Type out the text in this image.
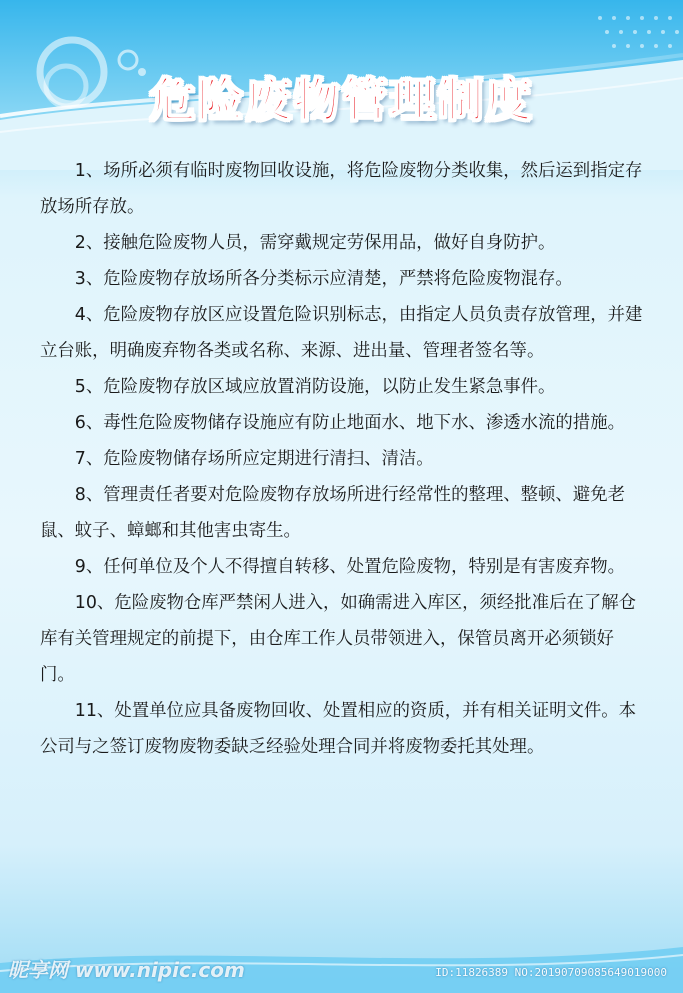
危险废物管理制度
1、场所必须有临时废物回收设施，将危险废物分类收集，然后运到指定存放场所存放。
2、接触危险废物人员，需穿戴规定劳保用品，做好自身防护。
3、危险废物存放场所各分类标示应清楚，严禁将危险废物混存。
4、危险废物存放区应设置危险识别标志，由指定人员负责存放管理，并建立台账，明确废弃物各类或名称、来源、进出量、管理者签名等。
5、危险废物存放区域应放置消防设施，以防止发生紧急事件。
6、毒性危险废物储存设施应有防止地面水、地下水、渗透水流的措施。
7、危险废物储存场所应定期进行清扫、清洁。
8、管理责任者要对危险废物存放场所进行经常性的整理、整顿、避免老鼠、蚊子、蟑螂和其他害虫寄生。
9、任何单位及个人不得擅自转移、处置危险废物，特别是有害废弃物。
10、危险废物仓库严禁闲人进入，如确需进入库区，须经批准后在了解仓库有关管理规定的前提下，由仓库工作人员带领进入，保管员离开必须锁好门。
11、处置单位应具备废物回收、处置相应的资质，并有相关证明文件。本公司与之签订废物废物委缺乏经验处理合同并将废物委托其处理。
昵享网 www.nipic.com	ID:11826389 NO:20190709085649019000
